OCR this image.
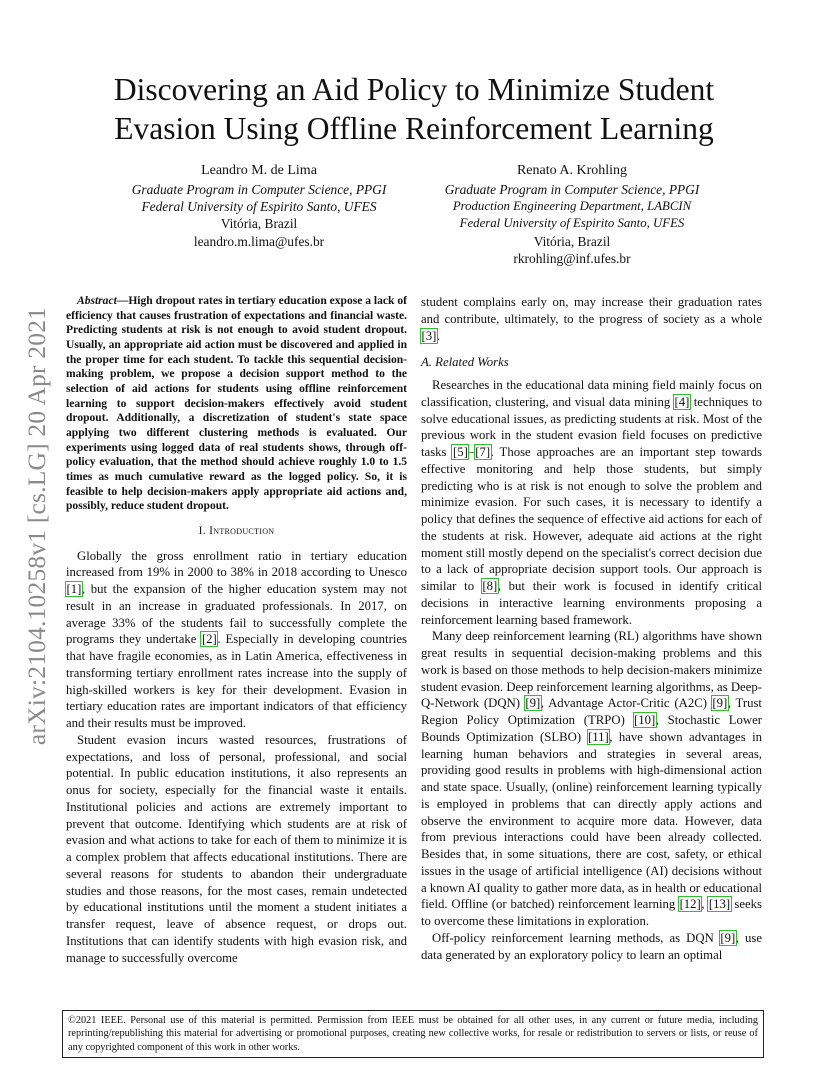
Discovering an Aid Policy to Minimize Student Evasion Using Offline Reinforcement Learning
Leandro M. de Lima
Graduate Program in Computer Science, PPGI
Federal University of Espirito Santo, UFES
Vitória, Brazil
leandro.m.lima@ufes.br
Renato A. Krohling
Graduate Program in Computer Science, PPGI
Production Engineering Department, LABCIN
Federal University of Espirito Santo, UFES
Vitória, Brazil
rkrohling@inf.ufes.br
arXiv:2104.10258v1 [cs.LG] 20 Apr 2021

Abstract—High dropout rates in tertiary education expose a lack of efficiency that causes frustration of expectations and financial waste. Predicting students at risk is not enough to avoid student dropout. Usually, an appropriate aid action must be discovered and applied in the proper time for each student. To tackle this sequential decision-making problem, we propose a decision support method to the selection of aid actions for students using offline reinforcement learning to support decision-makers effectively avoid student dropout. Additionally, a discretization of student's state space applying two different clustering methods is evaluated. Our experiments using logged data of real students shows, through off-policy evaluation, that the method should achieve roughly 1.0 to 1.5 times as much cumulative reward as the logged policy. So, it is feasible to help decision-makers apply appropriate aid actions and, possibly, reduce student dropout.

I. Introduction

Globally the gross enrollment ratio in tertiary education increased from 19% in 2000 to 38% in 2018 according to Unesco [1], but the expansion of the higher education system may not result in an increase in graduated professionals. In 2017, on average 33% of the students fail to successfully complete the programs they undertake [2]. Especially in developing countries that have fragile economies, as in Latin America, effectiveness in transforming tertiary enrollment rates increase into the supply of high-skilled workers is key for their development. Evasion in tertiary education rates are important indicators of that efficiency and their results must be improved.

Student evasion incurs wasted resources, frustrations of expectations, and loss of personal, professional, and social potential. In public education institutions, it also represents an onus for society, especially for the financial waste it entails. Institutional policies and actions are extremely important to prevent that outcome. Identifying which students are at risk of evasion and what actions to take for each of them to minimize it is a complex problem that affects educational institutions. There are several reasons for students to abandon their undergraduate studies and those reasons, for the most cases, remain undetected by educational institutions until the moment a student initiates a transfer request, leave of absence request, or drops out. Institutions that can identify students with high evasion risk, and manage to successfully overcome

student complains early on, may increase their graduation rates and contribute, ultimately, to the progress of society as a whole [3].

A. Related Works

Researches in the educational data mining field mainly focus on classification, clustering, and visual data mining [4] techniques to solve educational issues, as predicting students at risk. Most of the previous work in the student evasion field focuses on predictive tasks [5]–[7]. Those approaches are an important step towards effective monitoring and help those students, but simply predicting who is at risk is not enough to solve the problem and minimize evasion. For such cases, it is necessary to identify a policy that defines the sequence of effective aid actions for each of the students at risk. However, adequate aid actions at the right moment still mostly depend on the specialist's correct decision due to a lack of appropriate decision support tools. Our approach is similar to [8], but their work is focused in identify critical decisions in interactive learning environments proposing a reinforcement learning based framework.

Many deep reinforcement learning (RL) algorithms have shown great results in sequential decision-making problems and this work is based on those methods to help decision-makers minimize student evasion. Deep reinforcement learning algorithms, as Deep-Q-Network (DQN) [9], Advantage Actor-Critic (A2C) [9], Trust Region Policy Optimization (TRPO) [10], Stochastic Lower Bounds Optimization (SLBO) [11], have shown advantages in learning human behaviors and strategies in several areas, providing good results in problems with high-dimensional action and state space. Usually, (online) reinforcement learning typically is employed in problems that can directly apply actions and observe the environment to acquire more data. However, data from previous interactions could have been already collected. Besides that, in some situations, there are cost, safety, or ethical issues in the usage of artificial intelligence (AI) decisions without a known AI quality to gather more data, as in health or educational field. Offline (or batched) reinforcement learning [12], [13] seeks to overcome these limitations in exploration.

Off-policy reinforcement learning methods, as DQN [9], use data generated by an exploratory policy to learn an optimal

©2021 IEEE. Personal use of this material is permitted. Permission from IEEE must be obtained for all other uses, in any current or future media, including reprinting/republishing this material for advertising or promotional purposes, creating new collective works, for resale or redistribution to servers or lists, or reuse of any copyrighted component of this work in other works.
